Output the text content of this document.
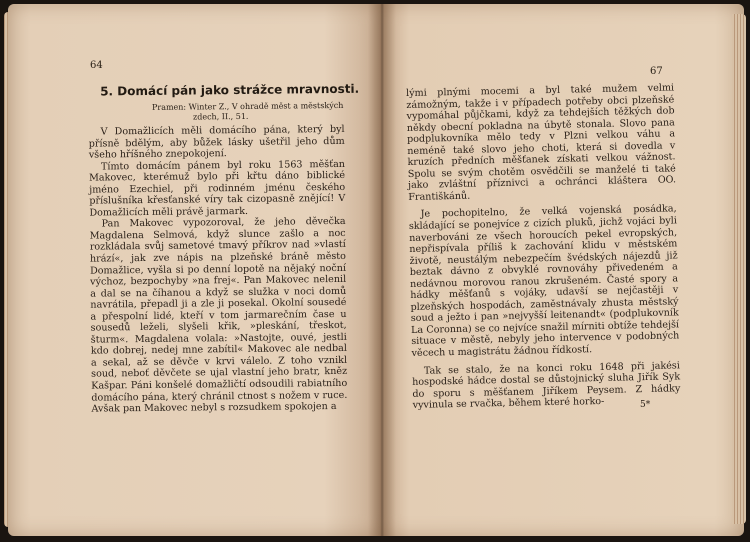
64
5. Domácí pán jako strážce mravnosti.
Pramen: Winter Z., V ohradě měst a městských
zdech, II., 51.

V Domažlicích měli domácího pána, který byl přísně bdělým, aby bůžek lásky ušetřil jeho dům všeho hříšného znepokojení.

Tímto domácím pánem byl roku 1563 měšťan Makovec, kterémuž bylo při křtu dáno biblické jméno Ezechiel, při rodinném jménu českého příslušníka křesťanské víry tak cizopasně znějící! V Domažlicích měli právě jarmark.

Pan Makovec vypozoroval, že jeho děvečka Magdalena Selmová, když slunce zašlo a noc rozkládala svůj sametové tmavý příkrov nad »vlastí hrází«, jak zve nápis na plzeňské bráně město Domažlice, vyšla si po denní lopotě na nějaký noční výchoz, bezpochyby »na frej«. Pan Makovec nelenil a dal se na číhanou a když se služka v noci domů navrátila, přepadl ji a zle ji posekal. Okolní sousedé a přespolní lidé, kteří v tom jarmarečním čase u sousedů leželi, slyšeli křik, »pleskání, třeskot, šturm«. Magdalena volala: »Nastojte, ouvé, jestli kdo dobrej, nedej mne zabítil« Makovec ale nedbal a sekal, až se děvče v krvi válelo. Z toho vznikl soud, neboť děvčete se ujal vlastní jeho bratr, kněz Kašpar. Páni konšelé domažličtí odsoudili rabiatního domácího pána, který chránil ctnost s nožem v ruce. Avšak pan Makovec nebyl s rozsudkem spokojen a

67
5*

lými plnými mocemi a byl také mužem velmi zámožným, takže i v případech potřeby obci plzeňské vypomáhal půjčkami, když za tehdejších těžkých dob někdy obecní pokladna na úbytě stonala. Slovo pana podplukovníka mělo tedy v Plzni velkou váhu a neméně také slovo jeho choti, která si dovedla v kruzích předních měšťanek získati velkou vážnost. Spolu se svým chotěm osvědčili se manželé ti také jako zvláštní příznivci a ochránci kláštera OO. Františkánů.

Je pochopitelno, že velká vojenská posádka, skládající se ponejvíce z cizích pluků, jichž vojáci byli naverbováni ze všech horoucích pekel evropských, nepřispívala příliš k zachování klidu v městském životě, neustálým nebezpečím švédských nájezdů již beztak dávno z obvyklé rovnováhy přivedeném a nedávnou morovou ranou zkrušeném. Časté spory a hádky měšťanů s vojáky, udavší se nejčastěji v plzeňských hospodách, zaměstnávaly zhusta městský soud a ježto i pan »nejvyšší leitenandt« (podplukovník La Coronna) se co nejvíce snažil mírniti obtíže tehdejší situace v městě, nebyly jeho intervence v podobných věcech u magistrátu žádnou řídkostí.

Tak se stalo, že na konci roku 1648 při jakési hospodské hádce dostal se důstojnický sluha Jiřík Syk do sporu s měšťanem Jiříkem Peysem. Z hádky vyvinula se rvačka, během které horko-
